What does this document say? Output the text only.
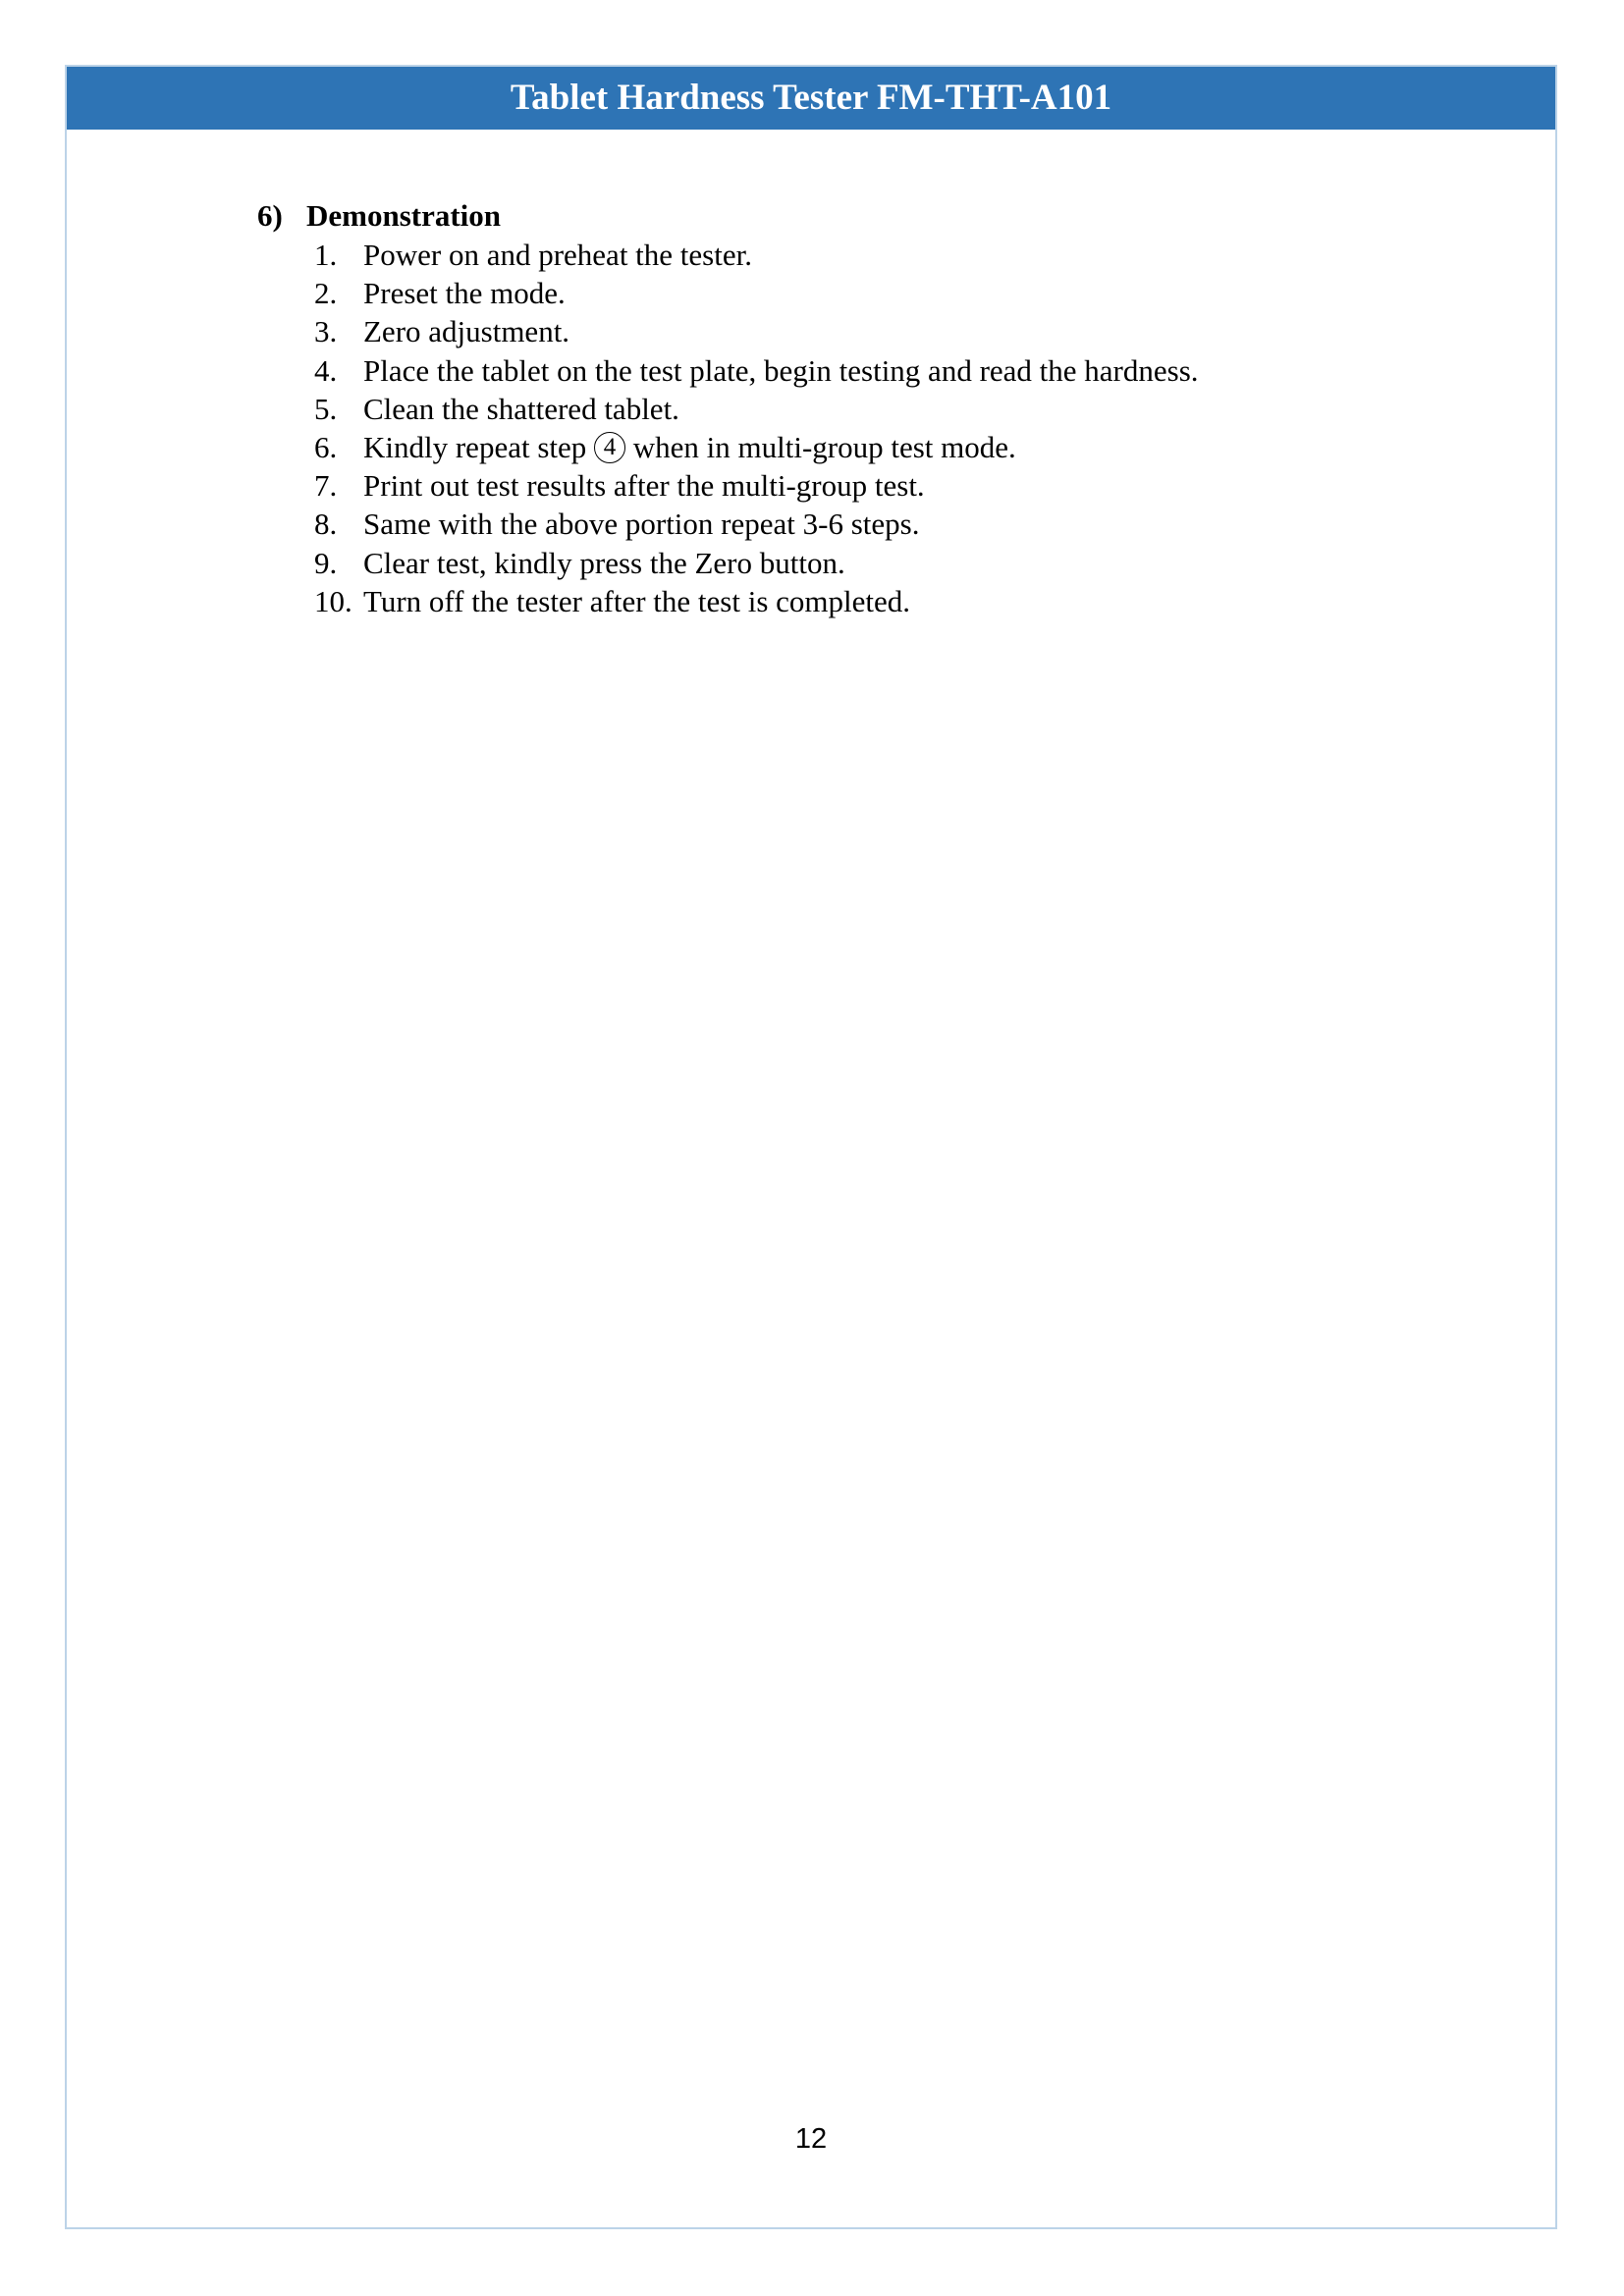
Tablet Hardness Tester FM-THT-A101
6) Demonstration
1. Power on and preheat the tester.
2. Preset the mode.
3. Zero adjustment.
4. Place the tablet on the test plate, begin testing and read the hardness.
5. Clean the shattered tablet.
6. Kindly repeat step 4 when in multi-group test mode.
7. Print out test results after the multi-group test.
8. Same with the above portion repeat 3-6 steps.
9. Clear test, kindly press the Zero button.
10. Turn off the tester after the test is completed.
12
